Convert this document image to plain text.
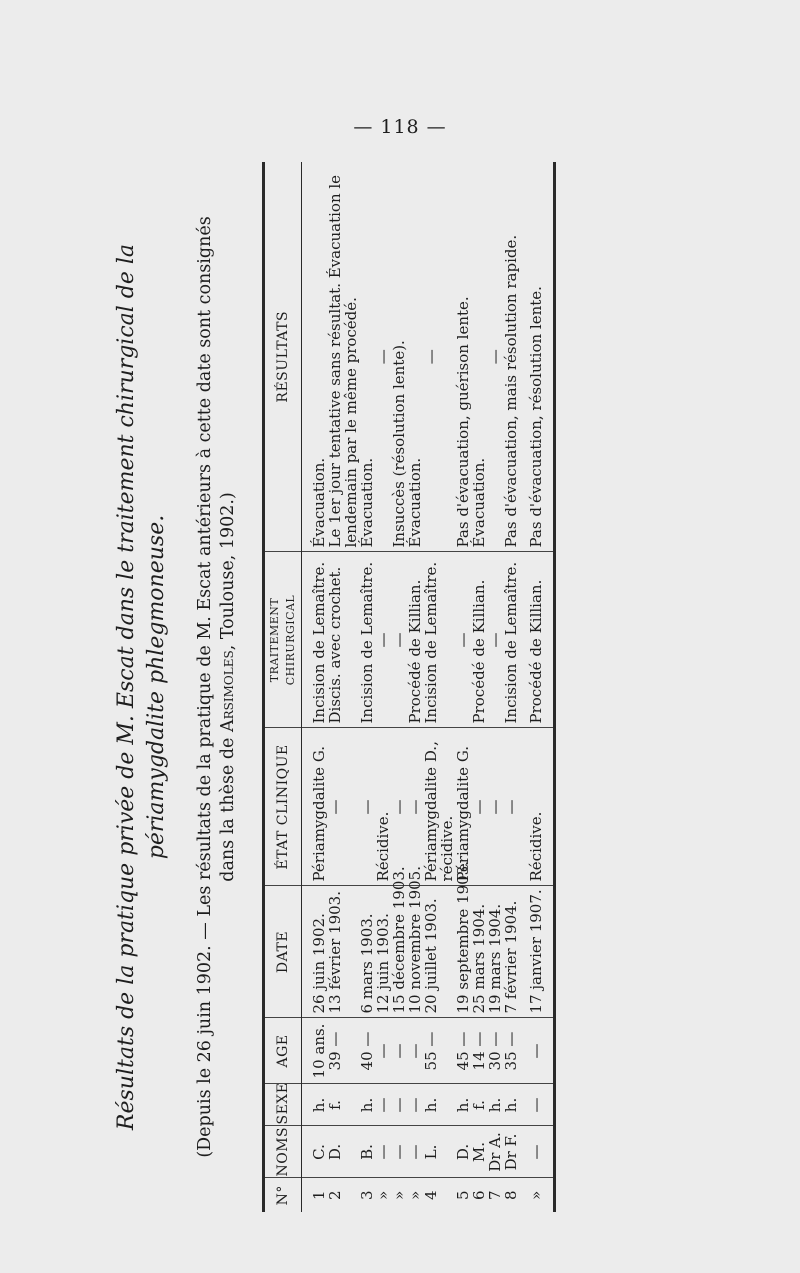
— 118 —
Résultats de la pratique privée de M. Escat dans le traitement chirurgical de la périamygdalite phlegmoneuse. (Depuis le 26 juin 1902. — Les résultats de la pratique de M. Escat antérieurs à cette date sont consignés dans la thèse de Arsimoles, Toulouse, 1902.)
N°	NOMS	SEXE	AGE	DATE	ÉTAT CLINIQUE	TRAITEMENT CHIRURGICAL	RÉSULTATS

1	C.	h.	10 ans.	26 juin 1902.	Périamygdalite G.	Incision de Lemaître.	Évacuation.
2	D.	f.	39 —	13 février 1903.	—	Discis. avec crochet.	Le 1er jour tentative sans résultat. Évacuation le lendemain par le même procédé.
3	B.	h.	40 —	6 mars 1903.	—	Incision de Lemaître.	Évacuation.
»	—	—	—	12 juin 1903.	Récidive.	—	—
»	—	—	—	15 décembre 1903.	—	—	Insuccès (résolution lente).
»	—	—	—	10 novembre 1905.	—	Procédé de Killian.	Évacuation.
4	L.	h.	55 —	20 juillet 1903.	Périamygdalite D., récidive.	Incision de Lemaître.	—
5	D.	h.	45 —	19 septembre 1903.	Périamygdalite G.	—	Pas d'évacuation, guérison lente.
6	M.	f.	14 —	25 mars 1904.	—	Procédé de Killian.	Évacuation.
7	Dr A.	h.	30 —	19 mars 1904.	—	—	—
8	Dr F.	h.	35 —	7 février 1904.	—	Incision de Lemaître.	Pas d'évacuation, mais résolution rapide.

»	—	—	—	17 janvier 1907.	Récidive.	Procédé de Killian.	Pas d'évacuation, résolution lente.
